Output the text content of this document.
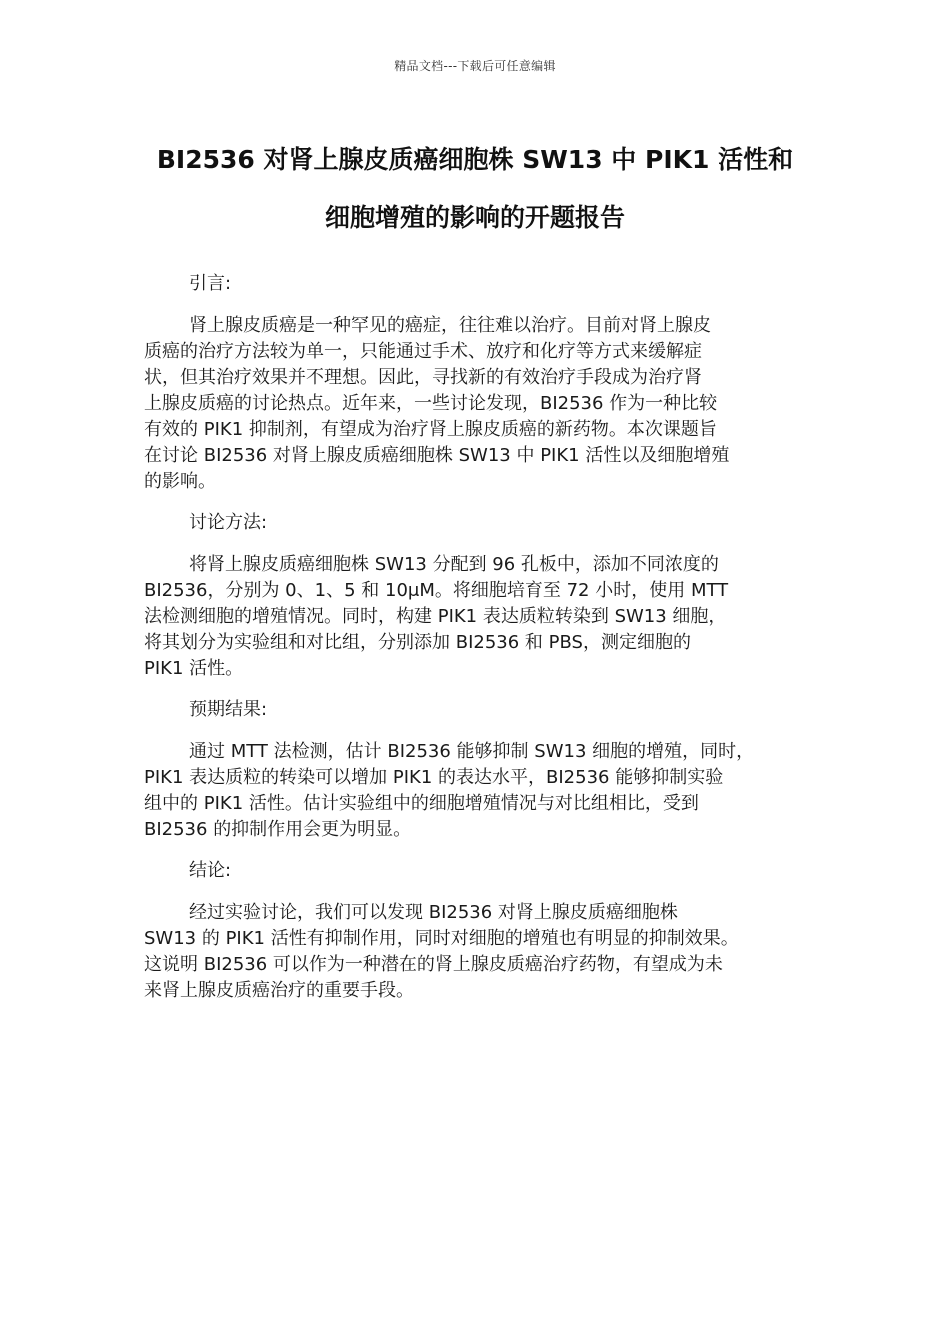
精品文档---下载后可任意编辑
BI2536 对肾上腺皮质癌细胞株 SW13 中 PIK1 活性和
细胞增殖的影响的开题报告
引言:
肾上腺皮质癌是一种罕见的癌症，往往难以治疗。目前对肾上腺皮
质癌的治疗方法较为单一，只能通过手术、放疗和化疗等方式来缓解症
状，但其治疗效果并不理想。因此，寻找新的有效治疗手段成为治疗肾
上腺皮质癌的讨论热点。近年来，一些讨论发现，BI2536 作为一种比较
有效的 PIK1 抑制剂，有望成为治疗肾上腺皮质癌的新药物。本次课题旨
在讨论 BI2536 对肾上腺皮质癌细胞株 SW13 中 PIK1 活性以及细胞增殖
的影响。
讨论方法:
将肾上腺皮质癌细胞株 SW13 分配到 96 孔板中，添加不同浓度的
BI2536，分别为 0、1、5 和 10μM。将细胞培育至 72 小时，使用 MTT
法检测细胞的增殖情况。同时，构建 PIK1 表达质粒转染到 SW13 细胞，
将其划分为实验组和对比组，分别添加 BI2536 和 PBS，测定细胞的
PIK1 活性。
预期结果:
通过 MTT 法检测，估计 BI2536 能够抑制 SW13 细胞的增殖，同时，
PIK1 表达质粒的转染可以增加 PIK1 的表达水平，BI2536 能够抑制实验
组中的 PIK1 活性。估计实验组中的细胞增殖情况与对比组相比，受到
BI2536 的抑制作用会更为明显。
结论:
经过实验讨论，我们可以发现 BI2536 对肾上腺皮质癌细胞株
SW13 的 PIK1 活性有抑制作用，同时对细胞的增殖也有明显的抑制效果。
这说明 BI2536 可以作为一种潜在的肾上腺皮质癌治疗药物，有望成为未
来肾上腺皮质癌治疗的重要手段。
